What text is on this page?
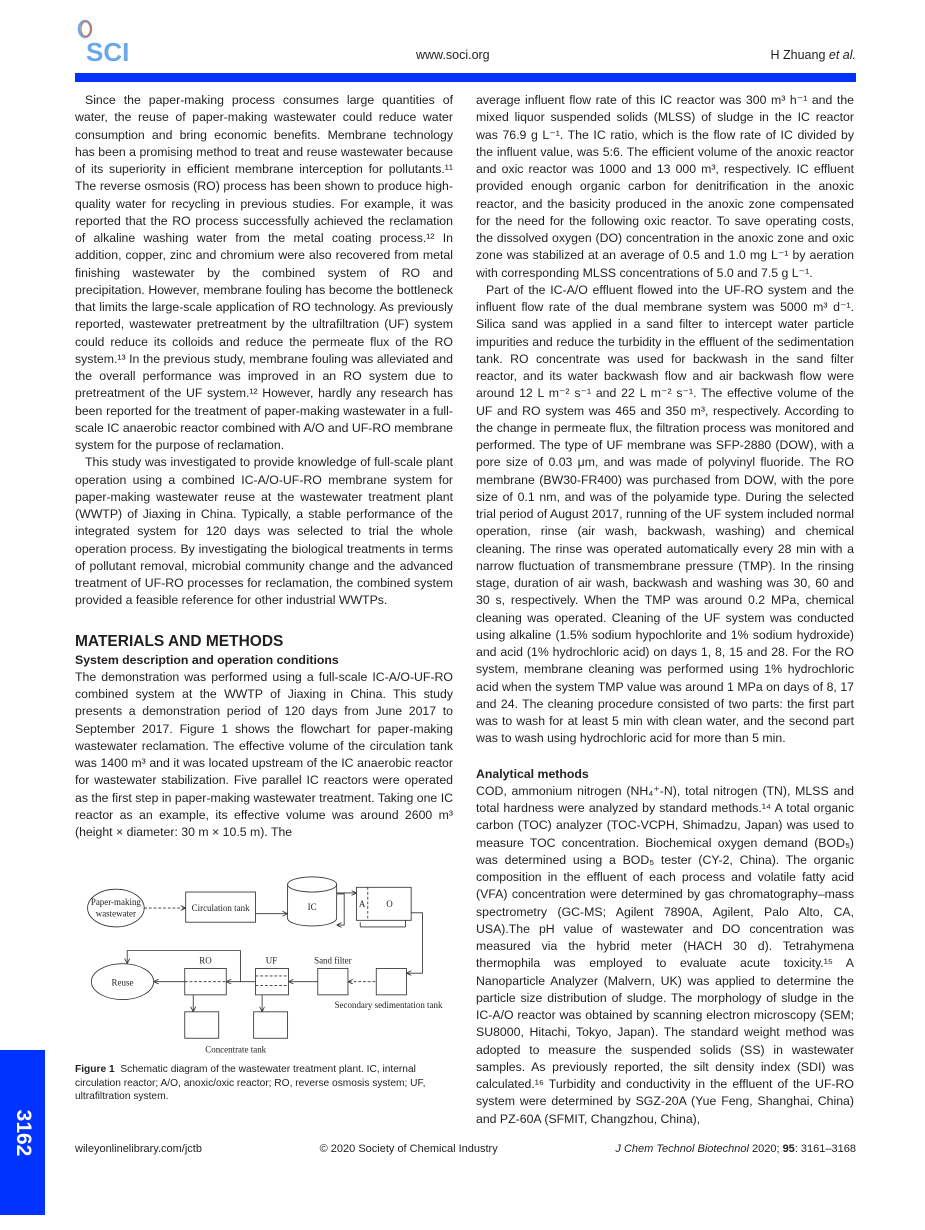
SCI	www.soci.org	H Zhuang et al.

Since the paper-making process consumes large quantities of water, the reuse of paper-making wastewater could reduce water consumption and bring economic benefits. Membrane technology has been a promising method to treat and reuse wastewater because of its superiority in efficient membrane interception for pollutants.¹¹ The reverse osmosis (RO) process has been shown to produce high-quality water for recycling in previous studies. For example, it was reported that the RO process successfully achieved the reclamation of alkaline washing water from the metal coating process.¹² In addition, copper, zinc and chromium were also recovered from metal finishing wastewater by the combined system of RO and precipitation. However, membrane fouling has become the bottleneck that limits the large-scale application of RO technology. As previously reported, wastewater pretreatment by the ultrafiltration (UF) system could reduce its colloids and reduce the permeate flux of the RO system.¹³ In the previous study, membrane fouling was alleviated and the overall performance was improved in an RO system due to pretreatment of the UF system.¹² However, hardly any research has been reported for the treatment of paper-making wastewater in a full-scale IC anaerobic reactor combined with A/O and UF-RO membrane system for the purpose of reclamation.

This study was investigated to provide knowledge of full-scale plant operation using a combined IC-A/O-UF-RO membrane system for paper-making wastewater reuse at the wastewater treatment plant (WWTP) of Jiaxing in China. Typically, a stable performance of the integrated system for 120 days was selected to trial the whole operation process. By investigating the biological treatments in terms of pollutant removal, microbial community change and the advanced treatment of UF-RO processes for reclamation, the combined system provided a feasible reference for other industrial WWTPs.

MATERIALS AND METHODS
System description and operation conditions

The demonstration was performed using a full-scale IC-A/O-UF-RO combined system at the WWTP of Jiaxing in China. This study presents a demonstration period of 120 days from June 2017 to September 2017. Figure 1 shows the flowchart for paper-making wastewater reclamation. The effective volume of the circulation tank was 1400 m³ and it was located upstream of the IC anaerobic reactor for wastewater stabilization. Five parallel IC reactors were operated as the first step in paper-making wastewater treatment. Taking one IC reactor as an example, its effective volume was around 2600 m³ (height × diameter: 30 m × 10.5 m). The

Paper-making
wastewater
Circulation tank	IC	A O
RO	UF	Sand filter
Reuse
Secondary sedimentation tank
Concentrate tank
Figure 1 Schematic diagram of the wastewater treatment plant. IC, internal circulation reactor; A/O, anoxic/oxic reactor; RO, reverse osmosis system; UF, ultrafiltration system.

average influent flow rate of this IC reactor was 300 m³ h⁻¹ and the mixed liquor suspended solids (MLSS) of sludge in the IC reactor was 76.9 g L⁻¹. The IC ratio, which is the flow rate of IC divided by the influent value, was 5:6. The efficient volume of the anoxic reactor and oxic reactor was 1000 and 13 000 m³, respectively. IC effluent provided enough organic carbon for denitrification in the anoxic reactor, and the basicity produced in the anoxic zone compensated for the need for the following oxic reactor. To save operating costs, the dissolved oxygen (DO) concentration in the anoxic zone and oxic zone was stabilized at an average of 0.5 and 1.0 mg L⁻¹ by aeration with corresponding MLSS concentrations of 5.0 and 7.5 g L⁻¹.

Part of the IC-A/O effluent flowed into the UF-RO system and the influent flow rate of the dual membrane system was 5000 m³ d⁻¹. Silica sand was applied in a sand filter to intercept water particle impurities and reduce the turbidity in the effluent of the sedimentation tank. RO concentrate was used for backwash in the sand filter reactor, and its water backwash flow and air backwash flow were around 12 L m⁻² s⁻¹ and 22 L m⁻² s⁻¹. The effective volume of the UF and RO system was 465 and 350 m³, respectively. According to the change in permeate flux, the filtration process was monitored and performed. The type of UF membrane was SFP-2880 (DOW), with a pore size of 0.03 μm, and was made of polyvinyl fluoride. The RO membrane (BW30-FR400) was purchased from DOW, with the pore size of 0.1 nm, and was of the polyamide type. During the selected trial period of August 2017, running of the UF system included normal operation, rinse (air wash, backwash, washing) and chemical cleaning. The rinse was operated automatically every 28 min with a narrow fluctuation of transmembrane pressure (TMP). In the rinsing stage, duration of air wash, backwash and washing was 30, 60 and 30 s, respectively. When the TMP was around 0.2 MPa, chemical cleaning was operated. Cleaning of the UF system was conducted using alkaline (1.5% sodium hypochlorite and 1% sodium hydroxide) and acid (1% hydrochloric acid) on days 1, 8, 15 and 28. For the RO system, membrane cleaning was performed using 1% hydrochloric acid when the system TMP value was around 1 MPa on days of 8, 17 and 24. The cleaning procedure consisted of two parts: the first part was to wash for at least 5 min with clean water, and the second part was to wash using hydrochloric acid for more than 5 min.

Analytical methods

COD, ammonium nitrogen (NH₄⁺-N), total nitrogen (TN), MLSS and total hardness were analyzed by standard methods.¹⁴ A total organic carbon (TOC) analyzer (TOC-VCPH, Shimadzu, Japan) was used to measure TOC concentration. Biochemical oxygen demand (BOD₅) was determined using a BOD₅ tester (CY-2, China). The organic composition in the effluent of each process and volatile fatty acid (VFA) concentration were determined by gas chromatography–mass spectrometry (GC-MS; Agilent 7890A, Agilent, Palo Alto, CA, USA).The pH value of wastewater and DO concentration was measured via the hybrid meter (HACH 30 d). Tetrahymena thermophila was employed to evaluate acute toxicity.¹⁵ A Nanoparticle Analyzer (Malvern, UK) was applied to determine the particle size distribution of sludge. The morphology of sludge in the IC-A/O reactor was obtained by scanning electron microscopy (SEM; SU8000, Hitachi, Tokyo, Japan). The standard weight method was adopted to measure the suspended solids (SS) in wastewater samples. As previously reported, the silt density index (SDI) was calculated.¹⁶ Turbidity and conductivity in the effluent of the UF-RO system were determined by SGZ-20A (Yue Feng, Shanghai, China) and PZ-60A (SFMIT, Changzhou, China),

3162	wileyonlinelibrary.com/jctb	© 2020 Society of Chemical Industry	J Chem Technol Biotechnol 2020; 95: 3161–3168
